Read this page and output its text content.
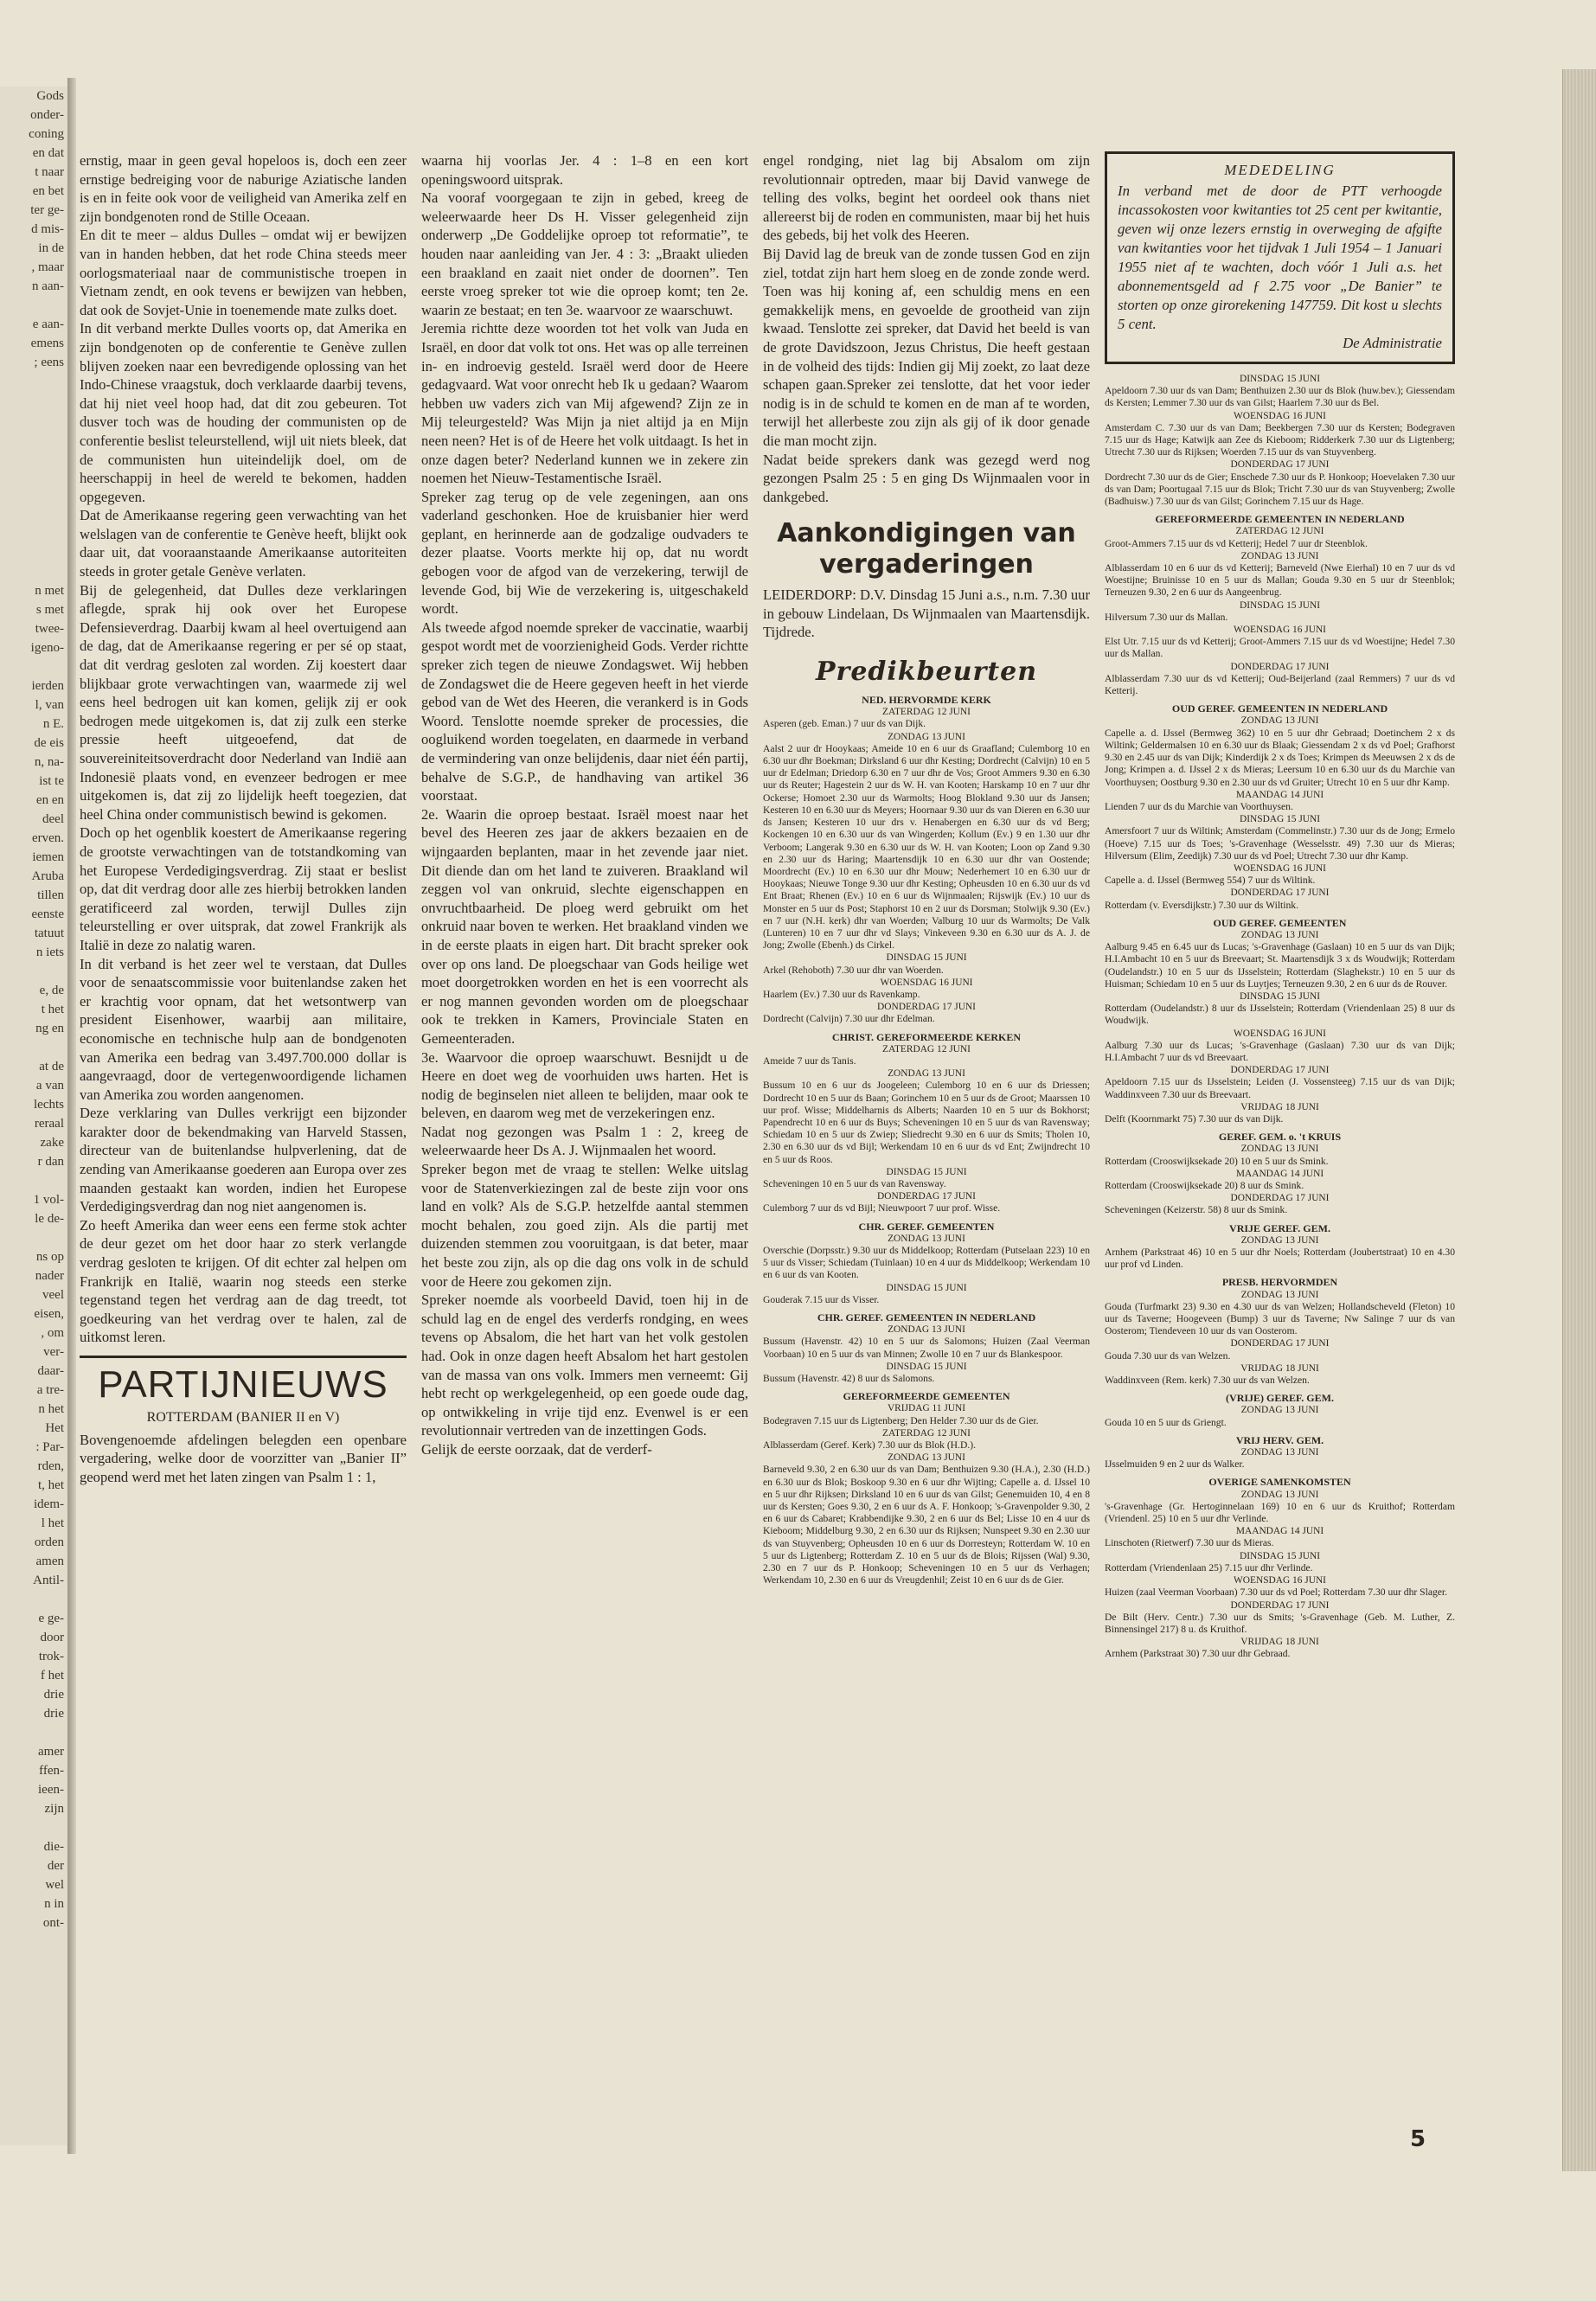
Gods
onder-
coning
en dat
t naar
en bet
ter ge-
d mis-
in de
, maar
n aan-

e aan-
emens
; eens

n met
s met
twee-
igeno-

ierden
l, van
n E.
de eis
n, na-
ist te
en en
deel
erven.
iemen
Aruba
tillen
eenste
tatuut
n iets

e, de
t het
ng en

at de
a van
lechts
reraal
zake
r dan

1 vol-
le de-

ns op
nader
veel
eisen,
, om
ver-
daar-
a tre-
n het
Het
: Par-
rden,
t, het
idem-
l het
orden
amen
Antil-

e ge-
door
trok-
f het
drie
drie

amer
ffen-
ieen-
zijn

die-
der
wel
n in
ont-

ernstig, maar in geen geval hopeloos is, doch een zeer ernstige bedreiging voor de naburige Aziatische landen is en in feite ook voor de veiligheid van Amerika zelf en zijn bondgenoten rond de Stille Oceaan.

En dit te meer – aldus Dulles – omdat wij er bewijzen van in handen hebben, dat het rode China steeds meer oorlogsmateriaal naar de communistische troepen in Vietnam zendt, en ook tevens er bewijzen van hebben, dat ook de Sovjet-Unie in toenemende mate zulks doet.

In dit verband merkte Dulles voorts op, dat Amerika en zijn bondgenoten op de conferentie te Genève zullen blijven zoeken naar een bevredigende oplossing van het Indo-Chinese vraagstuk, doch verklaarde daarbij tevens, dat hij niet veel hoop had, dat dit zou gebeuren. Tot dusver toch was de houding der communisten op de conferentie beslist teleurstellend, wijl uit niets bleek, dat de communisten hun uiteindelijk doel, om de heerschappij in heel de wereld te bekomen, hadden opgegeven.

Dat de Amerikaanse regering geen verwachting van het welslagen van de conferentie te Genève heeft, blijkt ook daar uit, dat vooraanstaande Amerikaanse autoriteiten steeds in groter getale Genève verlaten.

Bij de gelegenheid, dat Dulles deze verklaringen aflegde, sprak hij ook over het Europese Defensieverdrag. Daarbij kwam al heel overtuigend aan de dag, dat de Amerikaanse regering er per sé op staat, dat dit verdrag gesloten zal worden. Zij koestert daar blijkbaar grote verwachtingen van, waarmede zij wel eens heel bedrogen uit kan komen, gelijk zij er ook bedrogen mede uitgekomen is, dat zij zulk een sterke pressie heeft uitgeoefend, dat de souvereiniteitsoverdracht door Nederland van Indië aan Indonesië plaats vond, en evenzeer bedrogen er mee uitgekomen is, dat zij zo lijdelijk heeft toegezien, dat heel China onder communistisch bewind is gekomen.

Doch op het ogenblik koestert de Amerikaanse regering de grootste verwachtingen van de totstandkoming van het Europese Verdedigingsverdrag. Zij staat er beslist op, dat dit verdrag door alle zes hierbij betrokken landen geratificeerd zal worden, terwijl Dulles zijn teleurstelling er over uitsprak, dat zowel Frankrijk als Italië in deze zo nalatig waren.

In dit verband is het zeer wel te verstaan, dat Dulles voor de senaatscommissie voor buitenlandse zaken het er krachtig voor opnam, dat het wetsontwerp van president Eisenhower, waarbij aan militaire, economische en technische hulp aan de bondgenoten van Amerika een bedrag van 3.497.700.000 dollar is aangevraagd, door de vertegenwoordigende lichamen van Amerika zou worden aangenomen.

Deze verklaring van Dulles verkrijgt een bijzonder karakter door de bekendmaking van Harveld Stassen, directeur van de buitenlandse hulpverlening, dat de zending van Amerikaanse goederen aan Europa over zes maanden gestaakt kan worden, indien het Europese Verdedigingsverdrag dan nog niet aangenomen is.

Zo heeft Amerika dan weer eens een ferme stok achter de deur gezet om het door haar zo sterk verlangde verdrag gesloten te krijgen. Of dit echter zal helpen om Frankrijk en Italië, waarin nog steeds een sterke tegenstand tegen het verdrag aan de dag treedt, tot goedkeuring van het verdrag over te halen, zal de uitkomst leren.

PARTIJNIEUWS
ROTTERDAM (BANIER II en V)

Bovengenoemde afdelingen belegden een openbare vergadering, welke door de voorzitter van „Banier II” geopend werd met het laten zingen van Psalm 1 : 1,

waarna hij voorlas Jer. 4 : 1–8 en een kort openingswoord uitsprak.

Na vooraf voorgegaan te zijn in gebed, kreeg de weleerwaarde heer Ds H. Visser gelegenheid zijn onderwerp „De Goddelijke oproep tot reformatie”, te houden naar aanleiding van Jer. 4 : 3: „Braakt ulieden een braakland en zaait niet onder de doornen”. Ten eerste vroeg spreker tot wie die oproep komt; ten 2e. waarin ze bestaat; en ten 3e. waarvoor ze waarschuwt.

Jeremia richtte deze woorden tot het volk van Juda en Israël, en door dat volk tot ons. Het was op alle terreinen in- en indroevig gesteld. Israël werd door de Heere gedagvaard. Wat voor onrecht heb Ik u gedaan? Waarom hebben uw vaders zich van Mij afgewend? Zijn ze in Mij teleurgesteld? Was Mijn ja niet altijd ja en Mijn neen neen? Het is of de Heere het volk uitdaagt. Is het in onze dagen beter? Nederland kunnen we in zekere zin noemen het Nieuw-Testamentische Israël.

Spreker zag terug op de vele zegeningen, aan ons vaderland geschonken. Hoe de kruisbanier hier werd geplant, en herinnerde aan de godzalige oudvaders te dezer plaatse. Voorts merkte hij op, dat nu wordt gebogen voor de afgod van de verzekering, terwijl de levende God, bij Wie de verzekering is, uitgeschakeld wordt.

Als tweede afgod noemde spreker de vaccinatie, waarbij gespot wordt met de voorzienigheid Gods. Verder richtte spreker zich tegen de nieuwe Zondagswet. Wij hebben de Zondagswet die de Heere gegeven heeft in het vierde gebod van de Wet des Heeren, die verankerd is in Gods Woord. Tenslotte noemde spreker de processies, die oogluikend worden toegelaten, en daarmede in verband de vermindering van onze belijdenis, daar niet één partij, behalve de S.G.P., de handhaving van artikel 36 voorstaat.

2e. Waarin die oproep bestaat. Israël moest naar het bevel des Heeren zes jaar de akkers bezaaien en de wijngaarden beplanten, maar in het zevende jaar niet. Dit diende dan om het land te zuiveren. Braakland wil zeggen vol van onkruid, slechte eigenschappen en onvruchtbaarheid. De ploeg werd gebruikt om het onkruid naar boven te werken. Het braakland vinden we in de eerste plaats in eigen hart. Dit bracht spreker ook over op ons land. De ploegschaar van Gods heilige wet moet doorgetrokken worden en het is een voorrecht als er nog mannen gevonden worden om de ploegschaar ook te trekken in Kamers, Provinciale Staten en Gemeenteraden.

3e. Waarvoor die oproep waarschuwt. Besnijdt u de Heere en doet weg de voorhuiden uws harten. Het is nodig de beginselen niet alleen te belijden, maar ook te beleven, en daarom weg met de verzekeringen enz.

Nadat nog gezongen was Psalm 1 : 2, kreeg de weleerwaarde heer Ds A. J. Wijnmaalen het woord.

Spreker begon met de vraag te stellen: Welke uitslag voor de Statenverkiezingen zal de beste zijn voor ons land en volk? Als de S.G.P. hetzelfde aantal stemmen mocht behalen, zou goed zijn. Als die partij met duizenden stemmen zou vooruitgaan, is dat beter, maar het beste zou zijn, als op die dag ons volk in de schuld voor de Heere zou gekomen zijn.

Spreker noemde als voorbeeld David, toen hij in de schuld lag en de engel des verderfs rondging, en wees tevens op Absalom, die het hart van het volk gestolen had. Ook in onze dagen heeft Absalom het hart gestolen van de massa van ons volk. Immers men verneemt: Gij hebt recht op werkgelegenheid, op een goede oude dag, op ontwikkeling in vrije tijd enz. Evenwel is er een revolutionnair vertreden van de inzettingen Gods.

Gelijk de eerste oorzaak, dat de verderf-

engel rondging, niet lag bij Absalom om zijn revolutionnair optreden, maar bij David vanwege de telling des volks, begint het oordeel ook thans niet allereerst bij de roden en communisten, maar bij het huis des gebeds, bij het volk des Heeren.

Bij David lag de breuk van de zonde tussen God en zijn ziel, totdat zijn hart hem sloeg en de zonde zonde werd. Toen was hij koning af, een schuldig mens en een gemakkelijk mens, en gevoelde de grootheid van zijn kwaad. Tenslotte zei spreker, dat David het beeld is van de grote Davidszoon, Jezus Christus, Die heeft gestaan in de volheid des tijds: Indien gij Mij zoekt, zo laat deze schapen gaan.Spreker zei tenslotte, dat het voor ieder nodig is in de schuld te komen en de man af te worden, terwijl het allerbeste zou zijn als gij of ik door genade die man mocht zijn.

Nadat beide sprekers dank was gezegd werd nog gezongen Psalm 25 : 5 en ging Ds Wijnmaalen voor in dankgebed.

Aankondigingen van vergaderingen

LEIDERDORP: D.V. Dinsdag 15 Juni a.s., n.m. 7.30 uur in gebouw Lindelaan, Ds Wijnmaalen van Maartensdijk. Tijdrede.

Predikbeurten
NED. HERVORMDE KERK
ZATERDAG 12 JUNI

Asperen (geb. Eman.) 7 uur ds van Dijk.

ZONDAG 13 JUNI

Aalst 2 uur dr Hooykaas; Ameide 10 en 6 uur ds Graafland; Culemborg 10 en 6.30 uur dhr Boekman; Dirksland 6 uur dhr Kesting; Dordrecht (Calvijn) 10 en 5 uur dr Edelman; Driedorp 6.30 en 7 uur dhr de Vos; Groot Ammers 9.30 en 6.30 uur ds Reuter; Hagestein 2 uur ds W. H. van Kooten; Harskamp 10 en 7 uur dhr Ockerse; Homoet 2.30 uur ds Warmolts; Hoog Blokland 9.30 uur ds Jansen; Kesteren 10 en 6.30 uur ds Meyers; Hoornaar 9.30 uur ds van Dieren en 6.30 uur ds Jansen; Kesteren 10 uur drs v. Henabergen en 6.30 uur ds vd Berg; Kockengen 10 en 6.30 uur ds van Wingerden; Kollum (Ev.) 9 en 1.30 uur dhr Verboom; Langerak 9.30 en 6.30 uur ds W. H. van Kooten; Loon op Zand 9.30 en 2.30 uur ds Haring; Maartensdijk 10 en 6.30 uur dhr van Oostende; Moordrecht (Ev.) 10 en 6.30 uur dhr Mouw; Nederhemert 10 en 6.30 uur dr Hooykaas; Nieuwe Tonge 9.30 uur dhr Kesting; Opheusden 10 en 6.30 uur ds vd Ent Braat; Rhenen (Ev.) 10 en 6 uur ds Wijnmaalen; Rijswijk (Ev.) 10 uur ds Monster en 5 uur ds Post; Staphorst 10 en 2 uur ds Dorsman; Stolwijk 9.30 (Ev.) en 7 uur (N.H. kerk) dhr van Woerden; Valburg 10 uur ds Warmolts; De Valk (Lunteren) 10 en 7 uur dhr vd Slays; Vinkeveen 9.30 en 6.30 uur ds A. J. de Jong; Zwolle (Ebenh.) ds Cirkel.

DINSDAG 15 JUNI

Arkel (Rehoboth) 7.30 uur dhr van Woerden.

WOENSDAG 16 JUNI

Haarlem (Ev.) 7.30 uur ds Ravenkamp.

DONDERDAG 17 JUNI

Dordrecht (Calvijn) 7.30 uur dhr Edelman.

CHRIST. GEREFORMEERDE KERKEN
ZATERDAG 12 JUNI

Ameide 7 uur ds Tanis.

ZONDAG 13 JUNI

Bussum 10 en 6 uur ds Joogeleen; Culemborg 10 en 6 uur ds Driessen; Dordrecht 10 en 5 uur ds Baan; Gorinchem 10 en 5 uur ds de Groot; Maarssen 10 uur prof. Wisse; Middelharnis ds Alberts; Naarden 10 en 5 uur ds Bokhorst; Papendrecht 10 en 6 uur ds Buys; Scheveningen 10 en 5 uur ds van Ravensway; Schiedam 10 en 5 uur ds Zwiep; Sliedrecht 9.30 en 6 uur ds Smits; Tholen 10, 2.30 en 6.30 uur ds vd Bijl; Werkendam 10 en 6 uur ds vd Ent; Zwijndrecht 10 en 5 uur ds Roos.

DINSDAG 15 JUNI

Scheveningen 10 en 5 uur ds van Ravensway.

DONDERDAG 17 JUNI

Culemborg 7 uur ds vd Bijl; Nieuwpoort 7 uur prof. Wisse.

CHR. GEREF. GEMEENTEN
ZONDAG 13 JUNI

Overschie (Dorpsstr.) 9.30 uur ds Middelkoop; Rotterdam (Putselaan 223) 10 en 5 uur ds Visser; Schiedam (Tuinlaan) 10 en 4 uur ds Middelkoop; Werkendam 10 en 6 uur ds van Kooten.

DINSDAG 15 JUNI

Gouderak 7.15 uur ds Visser.

CHR. GEREF. GEMEENTEN IN NEDERLAND
ZONDAG 13 JUNI

Bussum (Havenstr. 42) 10 en 5 uur ds Salomons; Huizen (Zaal Veerman Voorbaan) 10 en 5 uur ds van Minnen; Zwolle 10 en 7 uur ds Blankespoor.

DINSDAG 15 JUNI

Bussum (Havenstr. 42) 8 uur ds Salomons.

GEREFORMEERDE GEMEENTEN
VRIJDAG 11 JUNI

Bodegraven 7.15 uur ds Ligtenberg; Den Helder 7.30 uur ds de Gier.

ZATERDAG 12 JUNI

Alblasserdam (Geref. Kerk) 7.30 uur ds Blok (H.D.).

ZONDAG 13 JUNI

Barneveld 9.30, 2 en 6.30 uur ds van Dam; Benthuizen 9.30 (H.A.), 2.30 (H.D.) en 6.30 uur ds Blok; Boskoop 9.30 en 6 uur dhr Wijting; Capelle a. d. IJssel 10 en 5 uur dhr Rijksen; Dirksland 10 en 6 uur ds van Gilst; Genemuiden 10, 4 en 8 uur ds Kersten; Goes 9.30, 2 en 6 uur ds A. F. Honkoop; 's-Gravenpolder 9.30, 2 en 6 uur ds Cabaret; Krabbendijke 9.30, 2 en 6 uur ds Bel; Lisse 10 en 4 uur ds Kieboom; Middelburg 9.30, 2 en 6.30 uur ds Rijksen; Nunspeet 9.30 en 2.30 uur ds van Stuyvenberg; Opheusden 10 en 6 uur ds Dorresteyn; Rotterdam W. 10 en 5 uur ds Ligtenberg; Rotterdam Z. 10 en 5 uur ds de Blois; Rijssen (Wal) 9.30, 2.30 en 7 uur ds P. Honkoop; Scheveningen 10 en 5 uur ds Verhagen; Werkendam 10, 2.30 en 6 uur ds Vreugdenhil; Zeist 10 en 6 uur ds de Gier.

MEDEDELING
In verband met de door de PTT verhoogde incassokosten voor kwitanties tot 25 cent per kwitantie, geven wij onze lezers ernstig in overweging de afgifte van kwitanties voor het tijdvak 1 Juli 1954 – 1 Januari 1955 niet af te wachten, doch vóór 1 Juli a.s. het abonnementsgeld ad ƒ 2.75 voor „De Banier” te storten op onze girorekening 147759. Dit kost u slechts 5 cent.
De Administratie
DINSDAG 15 JUNI

Apeldoorn 7.30 uur ds van Dam; Benthuizen 2.30 uur ds Blok (huw.bev.); Giessendam ds Kersten; Lemmer 7.30 uur ds van Gilst; Haarlem 7.30 uur ds Bel.

WOENSDAG 16 JUNI

Amsterdam C. 7.30 uur ds van Dam; Beekbergen 7.30 uur ds Kersten; Bodegraven 7.15 uur ds Hage; Katwijk aan Zee ds Kieboom; Ridderkerk 7.30 uur ds Ligtenberg; Utrecht 7.30 uur ds Rijksen; Woerden 7.15 uur ds van Stuyvenberg.

DONDERDAG 17 JUNI

Dordrecht 7.30 uur ds de Gier; Enschede 7.30 uur ds P. Honkoop; Hoevelaken 7.30 uur ds van Dam; Poortugaal 7.15 uur ds Blok; Tricht 7.30 uur ds van Stuyvenberg; Zwolle (Badhuisw.) 7.30 uur ds van Gilst; Gorinchem 7.15 uur ds Hage.

GEREFORMEERDE GEMEENTEN IN NEDERLAND
ZATERDAG 12 JUNI

Groot-Ammers 7.15 uur ds vd Ketterij; Hedel 7 uur dr Steenblok.

ZONDAG 13 JUNI

Alblasserdam 10 en 6 uur ds vd Ketterij; Barneveld (Nwe Eierhal) 10 en 7 uur ds vd Woestijne; Bruinisse 10 en 5 uur ds Mallan; Gouda 9.30 en 5 uur dr Steenblok; Terneuzen 9.30, 2 en 6 uur ds Aangeenbrug.

DINSDAG 15 JUNI

Hilversum 7.30 uur ds Mallan.

WOENSDAG 16 JUNI

Elst Utr. 7.15 uur ds vd Ketterij; Groot-Ammers 7.15 uur ds vd Woestijne; Hedel 7.30 uur ds Mallan.

DONDERDAG 17 JUNI

Alblasserdam 7.30 uur ds vd Ketterij; Oud-Beijerland (zaal Remmers) 7 uur ds vd Ketterij.

OUD GEREF. GEMEENTEN IN NEDERLAND
ZONDAG 13 JUNI

Capelle a. d. IJssel (Bermweg 362) 10 en 5 uur dhr Gebraad; Doetinchem 2 x ds Wiltink; Geldermalsen 10 en 6.30 uur ds Blaak; Giessendam 2 x ds vd Poel; Grafhorst 9.30 en 2.45 uur ds van Dijk; Kinderdijk 2 x ds Toes; Krimpen ds Meeuwsen 2 x ds de Jong; Krimpen a. d. IJssel 2 x ds Mieras; Leersum 10 en 6.30 uur ds du Marchie van Voorthuysen; Oostburg 9.30 en 2.30 uur ds vd Gruiter; Utrecht 10 en 5 uur dhr Kamp.

MAANDAG 14 JUNI

Lienden 7 uur ds du Marchie van Voorthuysen.

DINSDAG 15 JUNI

Amersfoort 7 uur ds Wiltink; Amsterdam (Commelinstr.) 7.30 uur ds de Jong; Ermelo (Hoeve) 7.15 uur ds Toes; 's-Gravenhage (Wesselsstr. 49) 7.30 uur ds Mieras; Hilversum (Elim, Zeedijk) 7.30 uur ds vd Poel; Utrecht 7.30 uur dhr Kamp.

WOENSDAG 16 JUNI

Capelle a. d. IJssel (Bermweg 554) 7 uur ds Wiltink.

DONDERDAG 17 JUNI

Rotterdam (v. Eversdijkstr.) 7.30 uur ds Wiltink.

OUD GEREF. GEMEENTEN
ZONDAG 13 JUNI

Aalburg 9.45 en 6.45 uur ds Lucas; 's-Gravenhage (Gaslaan) 10 en 5 uur ds van Dijk; H.I.Ambacht 10 en 5 uur ds Breevaart; St. Maartensdijk 3 x ds Woudwijk; Rotterdam (Oudelandstr.) 10 en 5 uur ds IJsselstein; Rotterdam (Slaghekstr.) 10 en 5 uur ds Huisman; Schiedam 10 en 5 uur ds Luytjes; Terneuzen 9.30, 2 en 6 uur ds de Rouver.

DINSDAG 15 JUNI

Rotterdam (Oudelandstr.) 8 uur ds IJsselstein; Rotterdam (Vriendenlaan 25) 8 uur ds Woudwijk.

WOENSDAG 16 JUNI

Aalburg 7.30 uur ds Lucas; 's-Gravenhage (Gaslaan) 7.30 uur ds van Dijk; H.I.Ambacht 7 uur ds vd Breevaart.

DONDERDAG 17 JUNI

Apeldoorn 7.15 uur ds IJsselstein; Leiden (J. Vossensteeg) 7.15 uur ds van Dijk; Waddinxveen 7.30 uur ds Breevaart.

VRIJDAG 18 JUNI

Delft (Koornmarkt 75) 7.30 uur ds van Dijk.

GEREF. GEM. o. 't KRUIS
ZONDAG 13 JUNI

Rotterdam (Crooswijksekade 20) 10 en 5 uur ds Smink.

MAANDAG 14 JUNI

Rotterdam (Crooswijksekade 20) 8 uur ds Smink.

DONDERDAG 17 JUNI

Scheveningen (Keizerstr. 58) 8 uur ds Smink.

VRIJE GEREF. GEM.
ZONDAG 13 JUNI

Arnhem (Parkstraat 46) 10 en 5 uur dhr Noels; Rotterdam (Joubertstraat) 10 en 4.30 uur prof vd Linden.

PRESB. HERVORMDEN
ZONDAG 13 JUNI

Gouda (Turfmarkt 23) 9.30 en 4.30 uur ds van Welzen; Hollandscheveld (Fleton) 10 uur ds Taverne; Hoogeveen (Bump) 3 uur ds Taverne; Nw Salinge 7 uur ds van Oosterom; Tiendeveen 10 uur ds van Oosterom.

DONDERDAG 17 JUNI

Gouda 7.30 uur ds van Welzen.

VRIJDAG 18 JUNI

Waddinxveen (Rem. kerk) 7.30 uur ds van Welzen.

(VRIJE) GEREF. GEM.
ZONDAG 13 JUNI

Gouda 10 en 5 uur ds Griengt.

VRIJ HERV. GEM.
ZONDAG 13 JUNI

IJsselmuiden 9 en 2 uur ds Walker.

OVERIGE SAMENKOMSTEN
ZONDAG 13 JUNI

's-Gravenhage (Gr. Hertoginnelaan 169) 10 en 6 uur ds Kruithof; Rotterdam (Vriendenl. 25) 10 en 5 uur dhr Verlinde.

MAANDAG 14 JUNI

Linschoten (Rietwerf) 7.30 uur ds Mieras.

DINSDAG 15 JUNI

Rotterdam (Vriendenlaan 25) 7.15 uur dhr Verlinde.

WOENSDAG 16 JUNI

Huizen (zaal Veerman Voorbaan) 7.30 uur ds vd Poel; Rotterdam 7.30 uur dhr Slager.

DONDERDAG 17 JUNI

De Bilt (Herv. Centr.) 7.30 uur ds Smits; 's-Gravenhage (Geb. M. Luther, Z. Binnensingel 217) 8 u. ds Kruithof.

VRIJDAG 18 JUNI

Arnhem (Parkstraat 30) 7.30 uur dhr Gebraad.

5
